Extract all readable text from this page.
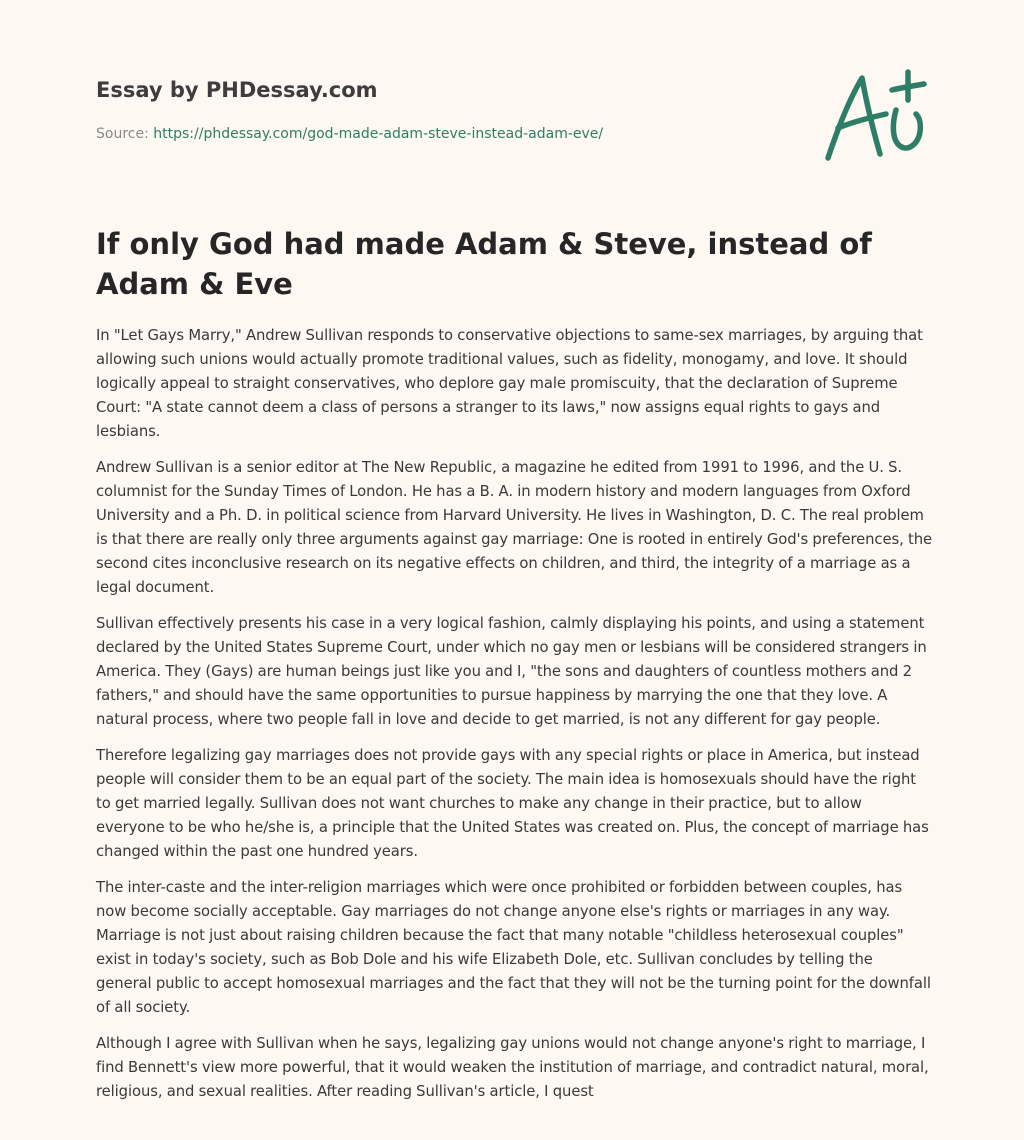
Essay by PHDessay.com
Source: https://phdessay.com/god-made-adam-steve-instead-adam-eve/
If only God had made Adam & Steve, instead of Adam & Eve

In "Let Gays Marry," Andrew Sullivan responds to conservative objections to same-sex marriages, by arguing that allowing such unions would actually promote traditional values, such as fidelity, monogamy, and love. It should logically appeal to straight conservatives, who deplore gay male promiscuity, that the declaration of Supreme Court: "A state cannot deem a class of persons a stranger to its laws," now assigns equal rights to gays and lesbians.

Andrew Sullivan is a senior editor at The New Republic, a magazine he edited from 1991 to 1996, and the U. S. columnist for the Sunday Times of London. He has a B. A. in modern history and modern languages from Oxford University and a Ph. D. in political science from Harvard University. He lives in Washington, D. C. The real problem is that there are really only three arguments against gay marriage: One is rooted in entirely God's preferences, the second cites inconclusive research on its negative effects on children, and third, the integrity of a marriage as a legal document.

Sullivan effectively presents his case in a very logical fashion, calmly displaying his points, and using a statement declared by the United States Supreme Court, under which no gay men or lesbians will be considered strangers in America. They (Gays) are human beings just like you and I, "the sons and daughters of countless mothers and 2 fathers," and should have the same opportunities to pursue happiness by marrying the one that they love. A natural process, where two people fall in love and decide to get married, is not any different for gay people.

Therefore legalizing gay marriages does not provide gays with any special rights or place in America, but instead people will consider them to be an equal part of the society. The main idea is homosexuals should have the right to get married legally. Sullivan does not want churches to make any change in their practice, but to allow everyone to be who he/she is, a principle that the United States was created on. Plus, the concept of marriage has changed within the past one hundred years.

The inter-caste and the inter-religion marriages which were once prohibited or forbidden between couples, has now become socially acceptable. Gay marriages do not change anyone else's rights or marriages in any way. Marriage is not just about raising children because the fact that many notable "childless heterosexual couples" exist in today's society, such as Bob Dole and his wife Elizabeth Dole, etc. Sullivan concludes by telling the general public to accept homosexual marriages and the fact that they will not be the turning point for the downfall of all society.

Although I agree with Sullivan when he says, legalizing gay unions would not change anyone's right to marriage, I find Bennett's view more powerful, that it would weaken the institution of marriage, and contradict natural, moral, religious, and sexual realities. After reading Sullivan's article, I quest
